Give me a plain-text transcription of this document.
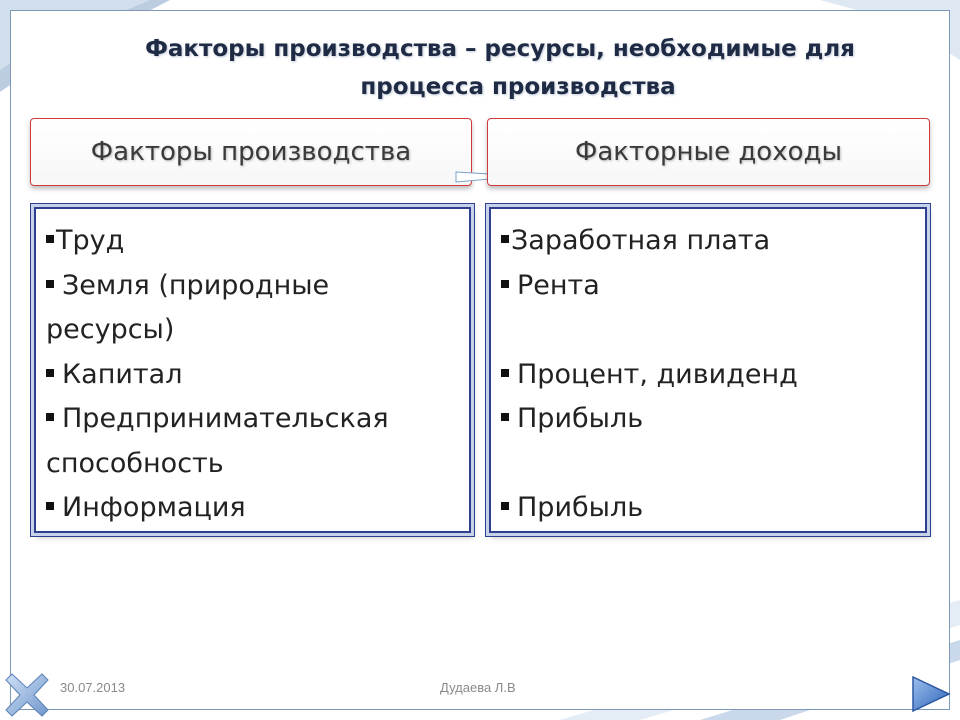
Факторы производства – ресурсы, необходимые для
процесса производства
Факторы производства	Факторные доходы
Труд
Земля (природные ресурсы)
Капитал
Предпринимательская способность
Информация
Заработная плата
Рента
Процент, дивиденд
Прибыль
Прибыль
30.07.2013	Дудаева Л.В
